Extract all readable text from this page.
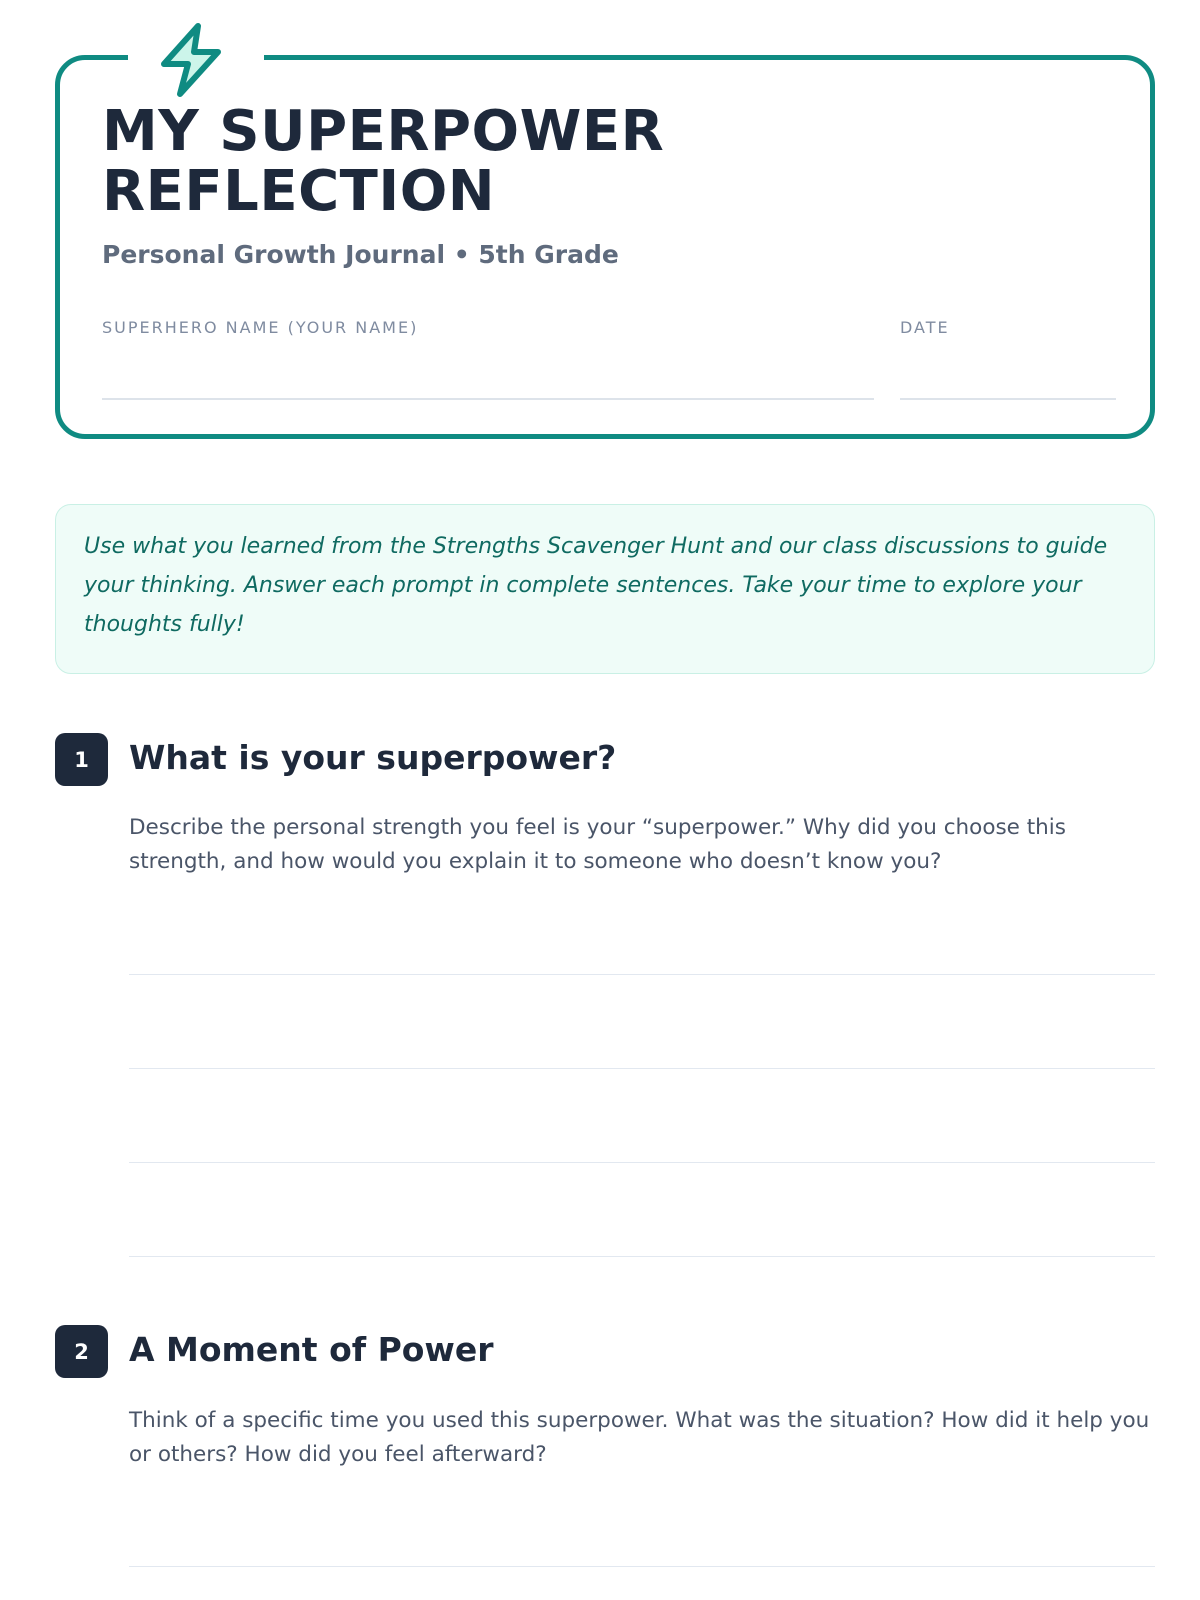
MY SUPERPOWER
REFLECTION
Personal Growth Journal • 5th Grade
SUPERHERO NAME (YOUR NAME)	DATE
Use what you learned from the Strengths Scavenger Hunt and our class discussions to guide your thinking. Answer each prompt in complete sentences. Take your time to explore your thoughts fully!
1	What is your superpower?

Describe the personal strength you feel is your “superpower.” Why did you choose this strength, and how would you explain it to someone who doesn’t know you?

2	A Moment of Power

Think of a specific time you used this superpower. What was the situation? How did it help you or others? How did you feel afterward?
